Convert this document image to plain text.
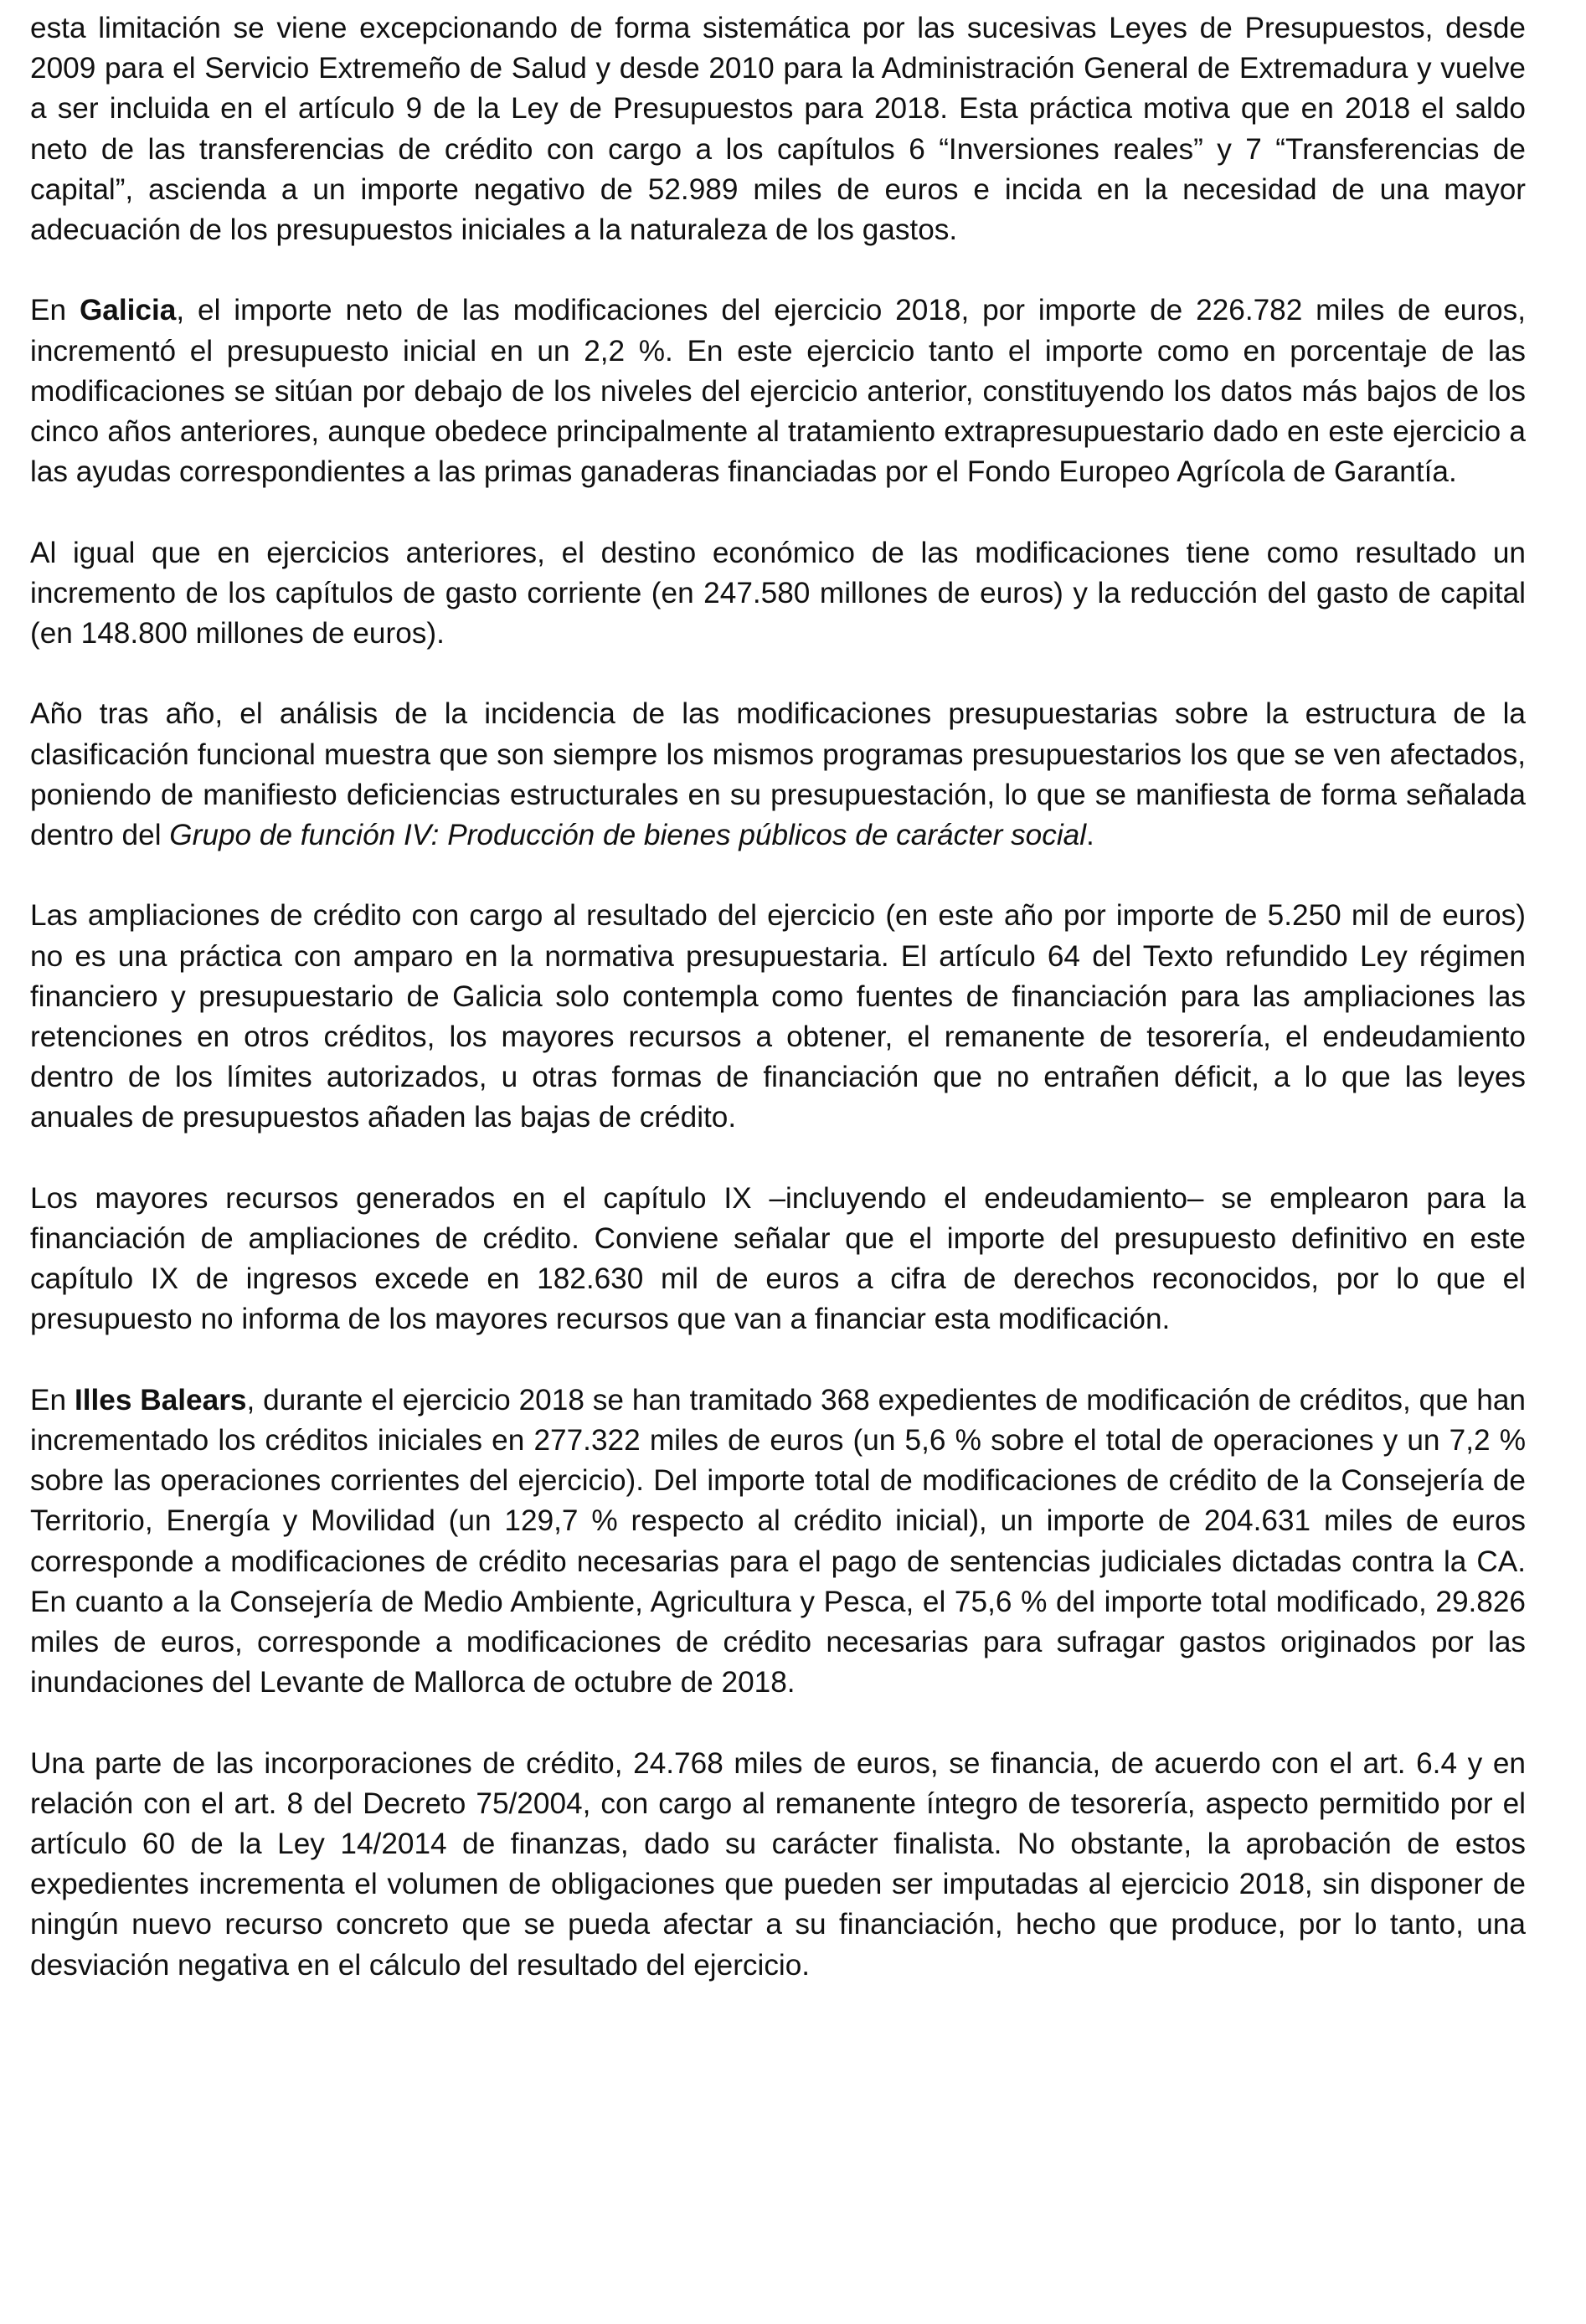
esta limitación se viene excepcionando de forma sistemática por las sucesivas Leyes de Presupuestos, desde 2009 para el Servicio Extremeño de Salud y desde 2010 para la Administración General de Extremadura y vuelve a ser incluida en el artículo 9 de la Ley de Presupuestos para 2018. Esta práctica motiva que en 2018 el saldo neto de las transferencias de crédito con cargo a los capítulos 6 “Inversiones reales” y 7 “Transferencias de capital”, ascienda a un importe negativo de 52.989 miles de euros e incida en la necesidad de una mayor adecuación de los presupuestos iniciales a la naturaleza de los gastos.

En Galicia, el importe neto de las modificaciones del ejercicio 2018, por importe de 226.782 miles de euros, incrementó el presupuesto inicial en un 2,2 %. En este ejercicio tanto el importe como en porcentaje de las modificaciones se sitúan por debajo de los niveles del ejercicio anterior, constituyendo los datos más bajos de los cinco años anteriores, aunque obedece principalmente al tratamiento extrapresupuestario dado en este ejercicio a las ayudas correspondientes a las primas ganaderas financiadas por el Fondo Europeo Agrícola de Garantía.

Al igual que en ejercicios anteriores, el destino económico de las modificaciones tiene como resultado un incremento de los capítulos de gasto corriente (en 247.580 millones de euros) y la reducción del gasto de capital (en 148.800 millones de euros).

Año tras año, el análisis de la incidencia de las modificaciones presupuestarias sobre la estructura de la clasificación funcional muestra que son siempre los mismos programas presupuestarios los que se ven afectados, poniendo de manifiesto deficiencias estructurales en su presupuestación, lo que se manifiesta de forma señalada dentro del Grupo de función IV: Producción de bienes públicos de carácter social.

Las ampliaciones de crédito con cargo al resultado del ejercicio (en este año por importe de 5.250 mil de euros) no es una práctica con amparo en la normativa presupuestaria. El artículo 64 del Texto refundido Ley régimen financiero y presupuestario de Galicia solo contempla como fuentes de financiación para las ampliaciones las retenciones en otros créditos, los mayores recursos a obtener, el remanente de tesorería, el endeudamiento dentro de los límites autorizados, u otras formas de financiación que no entrañen déficit, a lo que las leyes anuales de presupuestos añaden las bajas de crédito.

Los mayores recursos generados en el capítulo IX –incluyendo el endeudamiento– se emplearon para la financiación de ampliaciones de crédito. Conviene señalar que el importe del presupuesto definitivo en este capítulo IX de ingresos excede en 182.630 mil de euros a cifra de derechos reconocidos, por lo que el presupuesto no informa de los mayores recursos que van a financiar esta modificación.

En Illes Balears, durante el ejercicio 2018 se han tramitado 368 expedientes de modificación de créditos, que han incrementado los créditos iniciales en 277.322 miles de euros (un 5,6 % sobre el total de operaciones y un 7,2 % sobre las operaciones corrientes del ejercicio). Del importe total de modificaciones de crédito de la Consejería de Territorio, Energía y Movilidad (un 129,7 % respecto al crédito inicial), un importe de 204.631 miles de euros corresponde a modificaciones de crédito necesarias para el pago de sentencias judiciales dictadas contra la CA. En cuanto a la Consejería de Medio Ambiente, Agricultura y Pesca, el 75,6 % del importe total modificado, 29.826 miles de euros, corresponde a modificaciones de crédito necesarias para sufragar gastos originados por las inundaciones del Levante de Mallorca de octubre de 2018.

Una parte de las incorporaciones de crédito, 24.768 miles de euros, se financia, de acuerdo con el art. 6.4 y en relación con el art. 8 del Decreto 75/2004, con cargo al remanente íntegro de tesorería, aspecto permitido por el artículo 60 de la Ley 14/2014 de finanzas, dado su carácter finalista. No obstante, la aprobación de estos expedientes incrementa el volumen de obligaciones que pueden ser imputadas al ejercicio 2018, sin disponer de ningún nuevo recurso concreto que se pueda afectar a su financiación, hecho que produce, por lo tanto, una desviación negativa en el cálculo del resultado del ejercicio.
